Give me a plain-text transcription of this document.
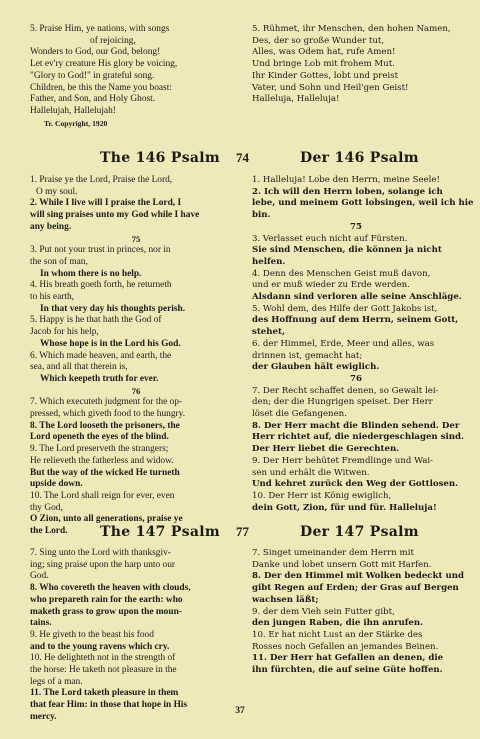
5. Praise Him, ye nations, with songs
of rejoicing,
Wonders to God, our God, belong!
Let ev'ry creature His glory be voicing,
"Glory to God!" in grateful song.
Children, be this the Name you boast:
Father, and Son, and Holy Ghost.
Hallelujah, Hallelujah!
Tr. Copyright, 1920
5. Rühmet, ihr Menschen, den hohen Namen,
Des, der so große Wunder tut,
Alles, was Odem hat, rufe Amen!
Und bringe Lob mit frohem Mut.
Ihr Kinder Gottes, lobt und preist
Vater, und Sohn und Heil'gen Geist!
Halleluja, Halleluja!
The 146 Psalm 74	Der 146 Psalm
1. Praise ye the Lord, Praise the Lord,
O my soul.
2. While I live will I praise the Lord, I
will sing praises unto my God while I have
any being.
75
3. Put not your trust in princes, nor in
the son of man,
In whom there is no help.
4. His breath goeth forth, he returneth
to his earth,
In that very day his thoughts perish.
5. Happy is he that hath the God of
Jacob for his help,
Whose hope is in the Lord his God.
6. Which made heaven, and earth, the
sea, and all that therein is,
Which keepeth truth for ever.
76
7. Which executeth judgment for the op-
pressed, which giveth food to the hungry.
8. The Lord looseth the prisoners, the
Lord openeth the eyes of the blind.
9. The Lord preserveth the strangers;
He relieveth the fatherless and widow.
But the way of the wicked He turneth
upside down.
10. The Lord shall reign for ever, even
thy God,
O Zion, unto all generations, praise ye
the Lord.
1. Halleluja! Lobe den Herrn, meine Seele!
2. Ich will den Herrn loben, solange ich
lebe, und meinem Gott lobsingen, weil ich hie
bin.
75
3. Verlasset euch nicht auf Fürsten.
Sie sind Menschen, die können ja nicht
helfen.
4. Denn des Menschen Geist muß davon,
und er muß wieder zu Erde werden.
Alsdann sind verloren alle seine Anschläge.
5. Wohl dem, des Hilfe der Gott Jakobs ist,
des Hoffnung auf dem Herrn, seinem Gott,
stehet,
6. der Himmel, Erde, Meer und alles, was
drinnen ist, gemacht hat;
der Glauben hält ewiglich.
76
7. Der Recht schaffet denen, so Gewalt lei-
den; der die Hungrigen speiset. Der Herr
löset die Gefangenen.
8. Der Herr macht die Blinden sehend. Der
Herr richtet auf, die niedergeschlagen sind.
Der Herr liebet die Gerechten.
9. Der Herr behütet Fremdlinge und Wai-
sen und erhält die Witwen.
Und kehret zurück den Weg der Gottlosen.
10. Der Herr ist König ewiglich,
dein Gott, Zion, für und für. Halleluja!
The 147 Psalm 77	Der 147 Psalm
7. Sing unto the Lord with thanksgiv-
ing; sing praise upon the harp unto our
God.
8. Who covereth the heaven with clouds,
who prepareth rain for the earth: who
maketh grass to grow upon the moun-
tains.
9. He giveth to the beast his food
and to the young ravens which cry.
10. He delighteth not in the strength of
the horse: He taketh not pleasure in the
legs of a man.
11. The Lord taketh pleasure in them
that fear Him: in those that hope in His
mercy.
7. Singet umeinander dem Herrn mit
Danke und lobet unsern Gott mit Harfen.
8. Der den Himmel mit Wolken bedeckt und
gibt Regen auf Erden; der Gras auf Bergen
wachsen läßt;
9. der dem Vieh sein Futter gibt,
den jungen Raben, die ihn anrufen.
10. Er hat nicht Lust an der Stärke des
Rosses noch Gefallen an jemandes Beinen.
11. Der Herr hat Gefallen an denen, die
ihn fürchten, die auf seine Güte hoffen.
37
